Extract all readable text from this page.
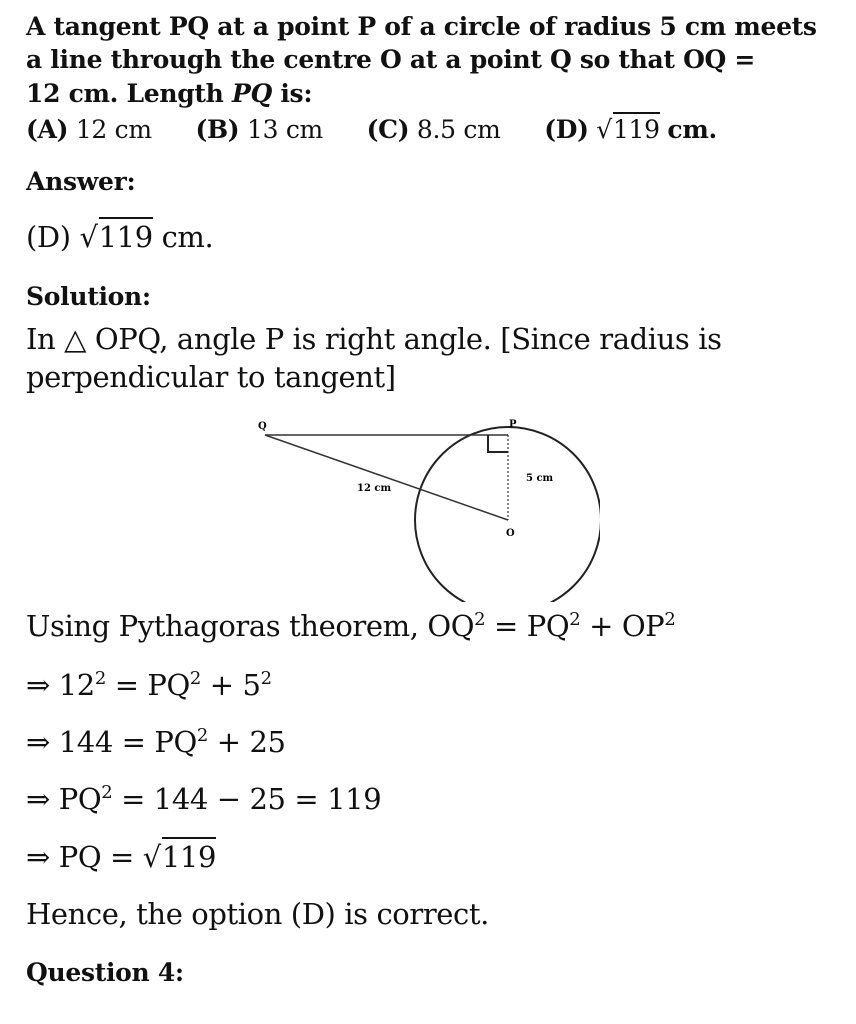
A tangent PQ at a point P of a circle of radius 5 cm meets
a line through the centre O at a point Q so that OQ =
12 cm. Length PQ is:
(A) 12 cm (B) 13 cm (C) 8.5 cm (D) √119 cm.
Answer:
(D) √119 cm.
Solution:
In △ OPQ, angle P is right angle. [Since radius is
perpendicular to tangent]
Q	P
O
5 cm
12 cm
Using Pythagoras theorem, $OQ^2 = PQ^2 + OP^2$
⇒ $12^2 = PQ^2 + 5^2$
⇒ $144 = PQ^2 + 25$
⇒ $PQ^2 = 144 - 25 = 119$
⇒ PQ = √119
Hence, the option (D) is correct.
Question 4:
